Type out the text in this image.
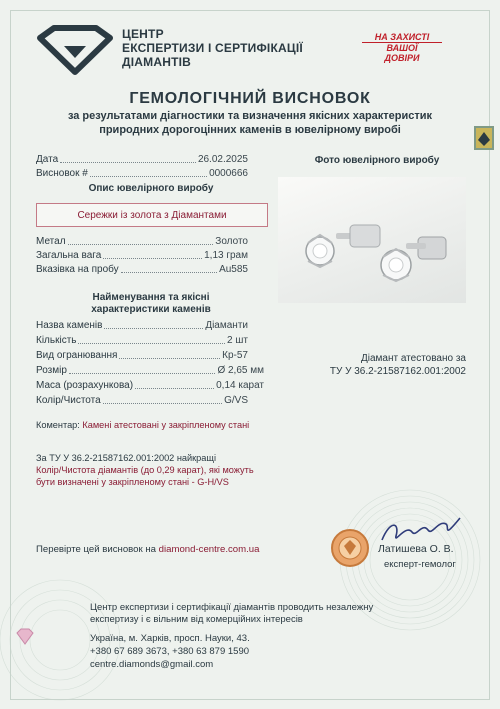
ЦЕНТР
ЕКСПЕРТИЗИ І СЕРТИФІКАЦІЇ
ДІАМАНТІВ
НА ЗАХИСТІ
ВАШОЇ
ДОВІРИ
ГЕМОЛОГІЧНИЙ ВИСНОВОК
за результатами діагностики та визначення якісних характеристик
природних дорогоцінних каменів в ювелірному виробі
Дата	26.02.2025
Висновок #	0000666
Опис ювелірного виробу
Сережки із золота з Діамантами
Метал	Золото
Загальна вага	1,13 грам
Вказівка на пробу	Au585
Найменування та якісні
характеристики каменів
Назва каменів	Діаманти
Кількість	2 шт
Вид огранювання	Кр-57
Розмір	Ø 2,65 мм
Маса (розрахункова)	0,14 карат
Колір/Чистота	G/VS
Коментар: Камені атестовані у закріпленому стані
Фото ювелірного виробу
Діамант атестовано за
ТУ У 36.2-21587162.001:2002
За ТУ У 36.2-21587162.001:2002 найкращі
Колір/Чистота діамантів (до 0,29 карат), які можуть
бути визначені у закріпленому стані - G-H/VS
Перевірте цей висновок на diamond-centre.com.ua	Латишева О. В.
експерт-гемолог
Центр експертизи і сертифікації діамантів проводить незалежну
експертизу і є вільним від комерційних інтересів
Україна, м. Харків, просп. Науки, 43.
+380 67 689 3673, +380 63 879 1590
centre.diamonds@gmail.com
